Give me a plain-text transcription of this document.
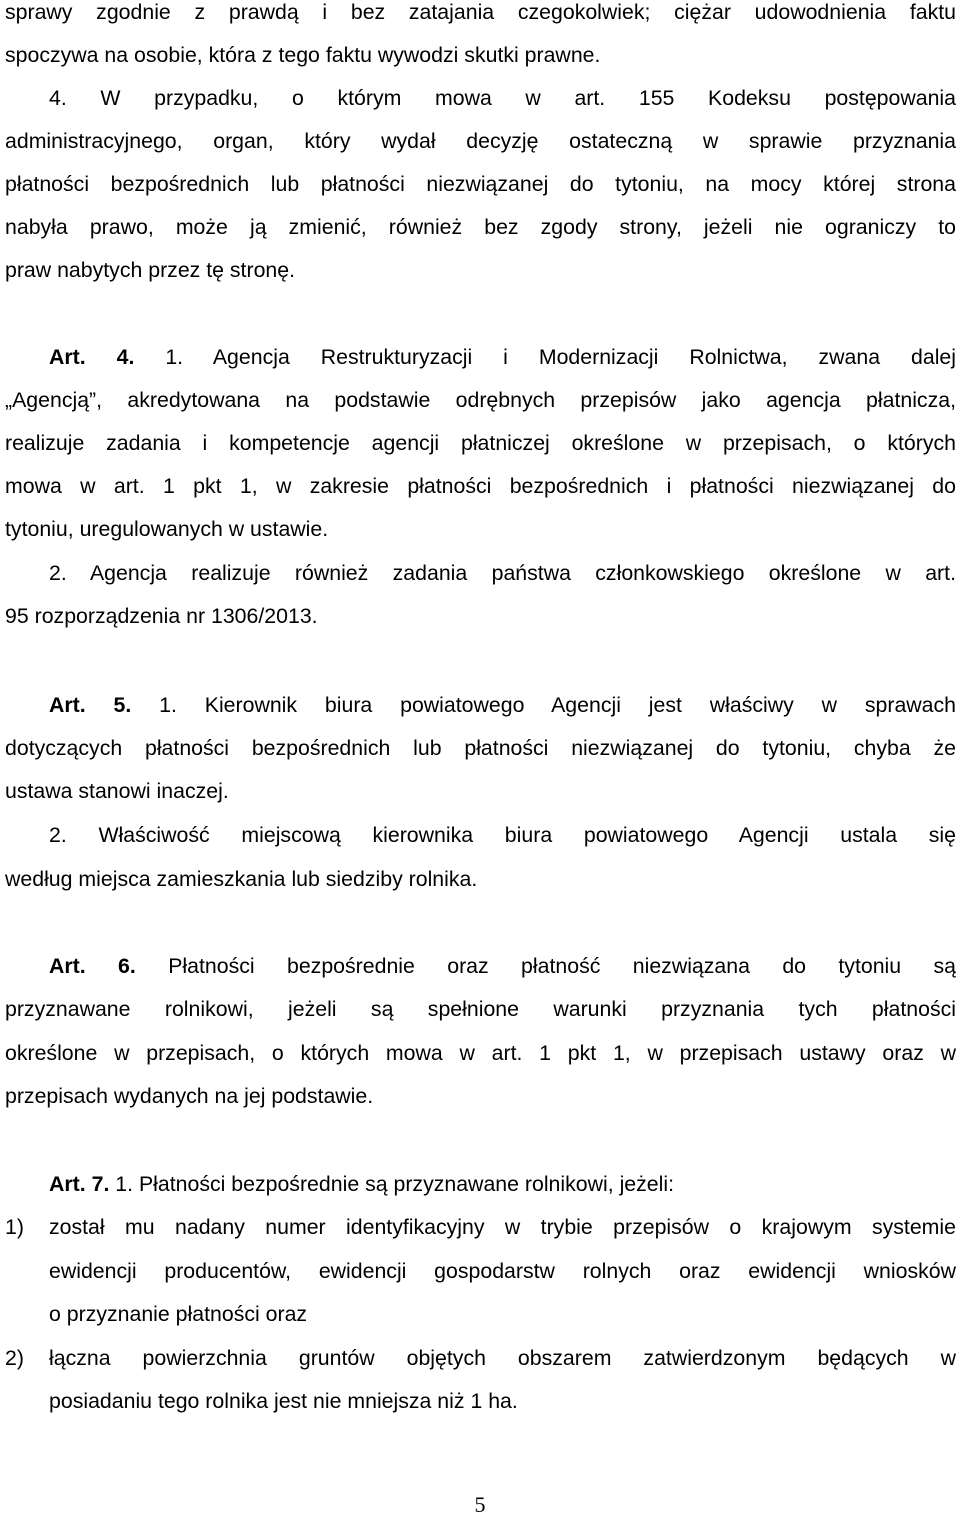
sprawy zgodnie z prawdą i bez zatajania czegokolwiek; ciężar udowodnienia faktu
spoczywa na osobie, która z tego faktu wywodzi skutki prawne.
4. W przypadku, o którym mowa w art. 155 Kodeksu postępowania
administracyjnego, organ, który wydał decyzję ostateczną w sprawie przyznania
płatności bezpośrednich lub płatności niezwiązanej do tytoniu, na mocy której strona
nabyła prawo, może ją zmienić, również bez zgody strony, jeżeli nie ograniczy to
praw nabytych przez tę stronę.
Art. 4. 1. Agencja Restrukturyzacji i Modernizacji Rolnictwa, zwana dalej
„Agencją”, akredytowana na podstawie odrębnych przepisów jako agencja płatnicza,
realizuje zadania i kompetencje agencji płatniczej określone w przepisach, o których
mowa w art. 1 pkt 1, w zakresie płatności bezpośrednich i płatności niezwiązanej do
tytoniu, uregulowanych w ustawie.
2. Agencja realizuje również zadania państwa członkowskiego określone w art.
95 rozporządzenia nr 1306/2013.
Art. 5. 1. Kierownik biura powiatowego Agencji jest właściwy w sprawach
dotyczących płatności bezpośrednich lub płatności niezwiązanej do tytoniu, chyba że
ustawa stanowi inaczej.
2. Właściwość miejscową kierownika biura powiatowego Agencji ustala się
według miejsca zamieszkania lub siedziby rolnika.
Art. 6. Płatności bezpośrednie oraz płatność niezwiązana do tytoniu są
przyznawane rolnikowi, jeżeli są spełnione warunki przyznania tych płatności
określone w przepisach, o których mowa w art. 1 pkt 1, w przepisach ustawy oraz w
przepisach wydanych na jej podstawie.
Art. 7. 1. Płatności bezpośrednie są przyznawane rolnikowi, jeżeli:
1) został mu nadany numer identyfikacyjny w trybie przepisów o krajowym systemie
ewidencji producentów, ewidencji gospodarstw rolnych oraz ewidencji wniosków
o przyznanie płatności oraz
2) łączna powierzchnia gruntów objętych obszarem zatwierdzonym będących w
posiadaniu tego rolnika jest nie mniejsza niż 1 ha.
5
